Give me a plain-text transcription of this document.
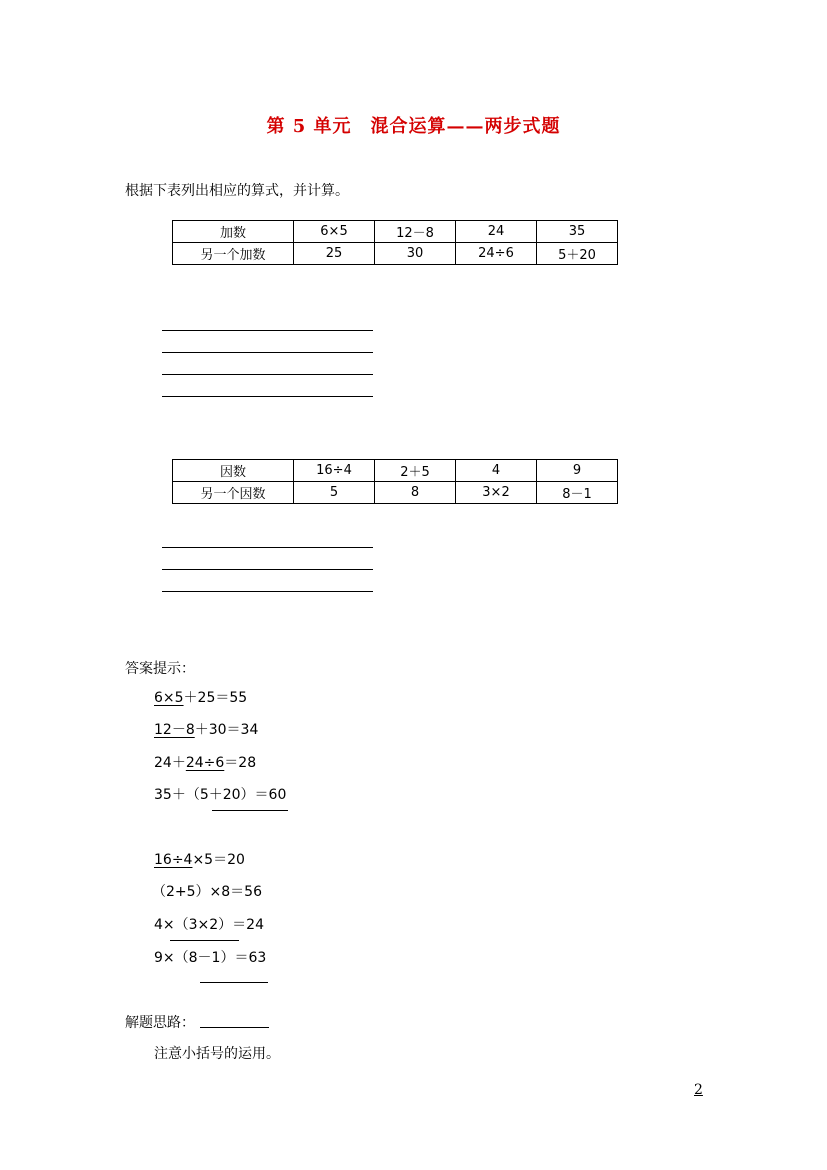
第 5 单元　混合运算——两步式题
根据下表列出相应的算式，并计算。
加数	6×5	12－8	24	35
另一个加数	25	30	24÷6	5＋20
因数	16÷4	2＋5	4	9
另一个因数	5	8	3×2	8－1
答案提示：
6×5＋25＝55
12－8＋30＝34
24＋24÷6＝28
35＋（5＋20）＝60
16÷4×5＝20
（2+5）×8＝56
4×（3×2）＝24
9×（8－1）＝63
解题思路：
注意小括号的运用。
2
